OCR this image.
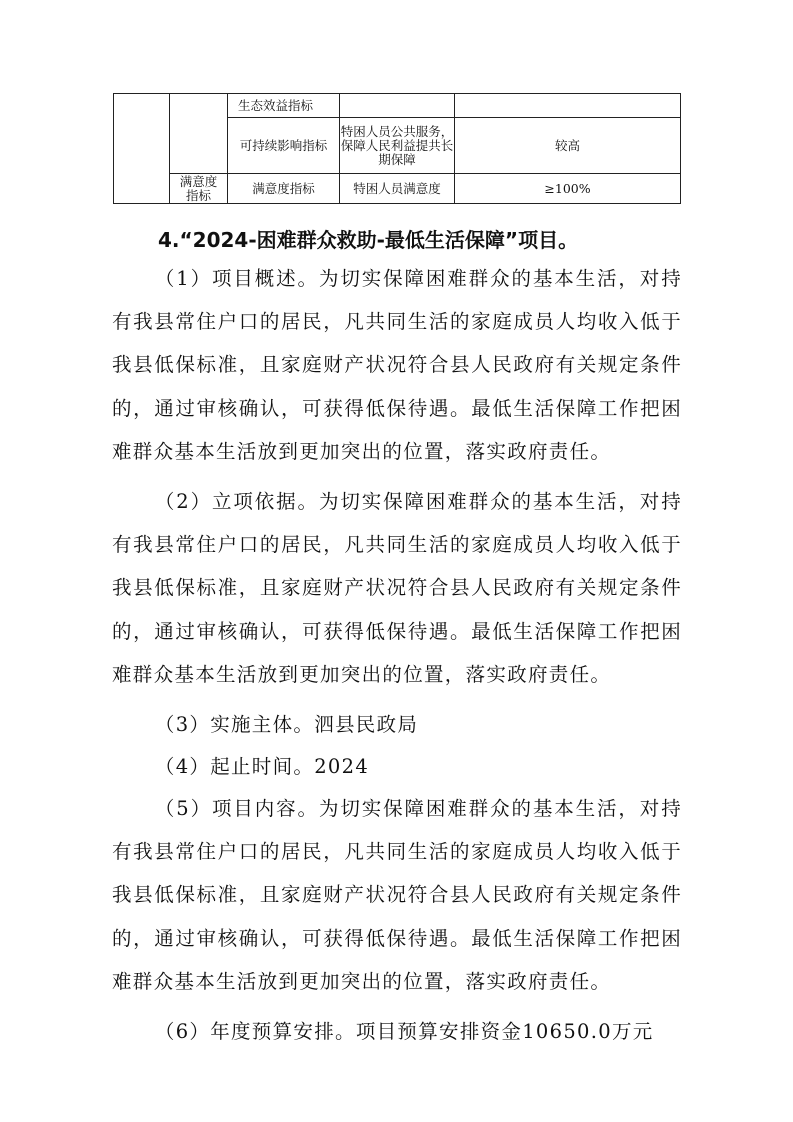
		生态效益指标		
		可持续影响指标	特困人员公共服务，保障人民利益提共长期保障	较高
	满意度指标	满意度指标	特困人员满意度	≥100%
4.“2024-困难群众救助-最低生活保障”项目。

（1）项目概述。为切实保障困难群众的基本生活，对持有我县常住户口的居民，凡共同生活的家庭成员人均收入低于我县低保标准，且家庭财产状况符合县人民政府有关规定条件的，通过审核确认，可获得低保待遇。最低生活保障工作把困难群众基本生活放到更加突出的位置，落实政府责任。

（2）立项依据。为切实保障困难群众的基本生活，对持有我县常住户口的居民，凡共同生活的家庭成员人均收入低于我县低保标准，且家庭财产状况符合县人民政府有关规定条件的，通过审核确认，可获得低保待遇。最低生活保障工作把困难群众基本生活放到更加突出的位置，落实政府责任。

（3）实施主体。泗县民政局

（4）起止时间。2024

（5）项目内容。为切实保障困难群众的基本生活，对持有我县常住户口的居民，凡共同生活的家庭成员人均收入低于我县低保标准，且家庭财产状况符合县人民政府有关规定条件的，通过审核确认，可获得低保待遇。最低生活保障工作把困难群众基本生活放到更加突出的位置，落实政府责任。

（6）年度预算安排。项目预算安排资金10650.0万元
